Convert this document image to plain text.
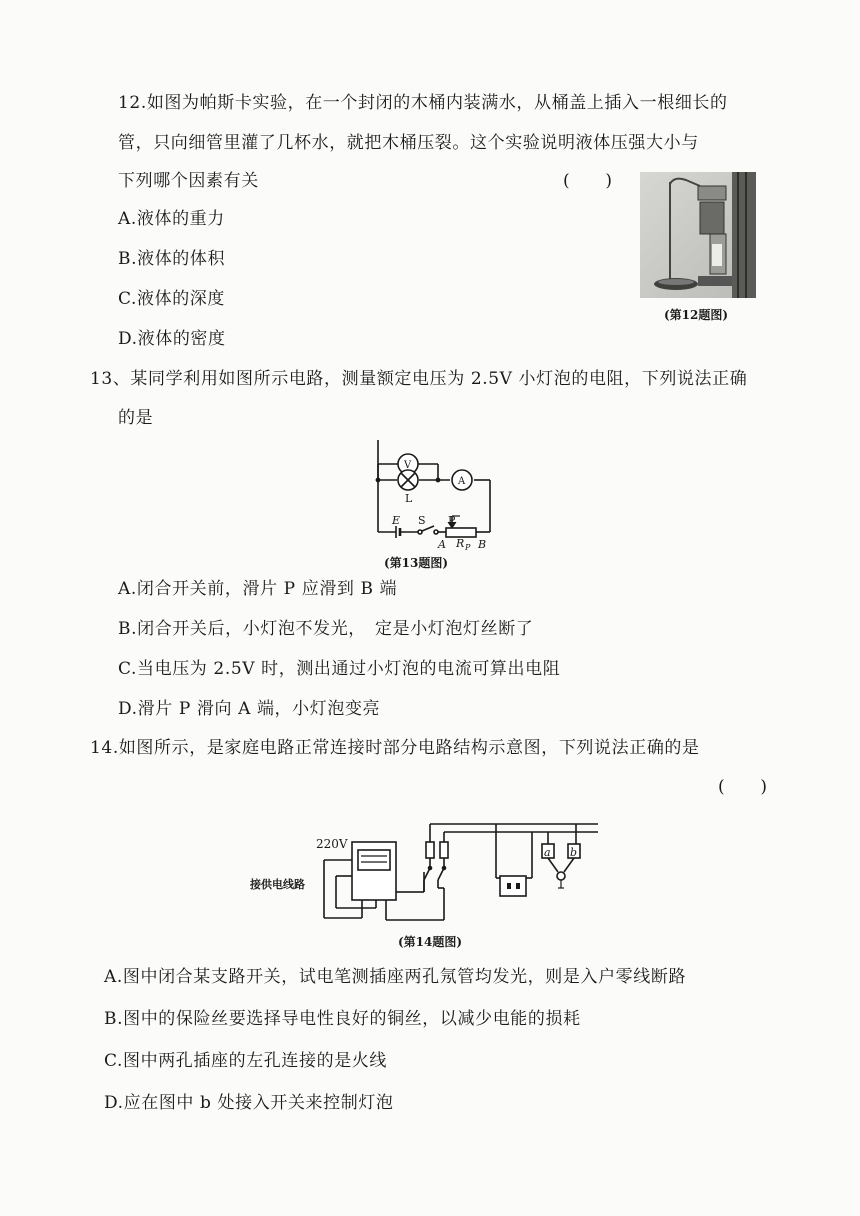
12.如图为帕斯卡实验，在一个封闭的木桶内装满水，从桶盖上插入一根细长的
管，只向细管里灌了几杯水，就把木桶压裂。这个实验说明液体压强大小与
下列哪个因素有关	(　　)
A.液体的重力
B.液体的体积
C.液体的深度
D.液体的密度
(第12题图)
13、某同学利用如图所示电路，测量额定电压为 2.5V 小灯泡的电阻，下列说法正确
的是
V
L
A
E S P
A R P B
(第13题图)
A.闭合开关前，滑片 P 应滑到 B 端
B.闭合开关后，小灯泡不发光，　定是小灯泡灯丝断了
C.当电压为 2.5V 时，测出通过小灯泡的电流可算出电阻
D.滑片 P 滑向 A 端，小灯泡变亮
14.如图所示，是家庭电路正常连接时部分电路结构示意图，下列说法正确的是
(　　)
220V
接供电线路
a b
(第14题图)
A.图中闭合某支路开关，试电笔测插座两孔氖管均发光，则是入户零线断路
B.图中的保险丝要选择导电性良好的铜丝，以减少电能的损耗
C.图中两孔插座的左孔连接的是火线
D.应在图中 b 处接入开关来控制灯泡
